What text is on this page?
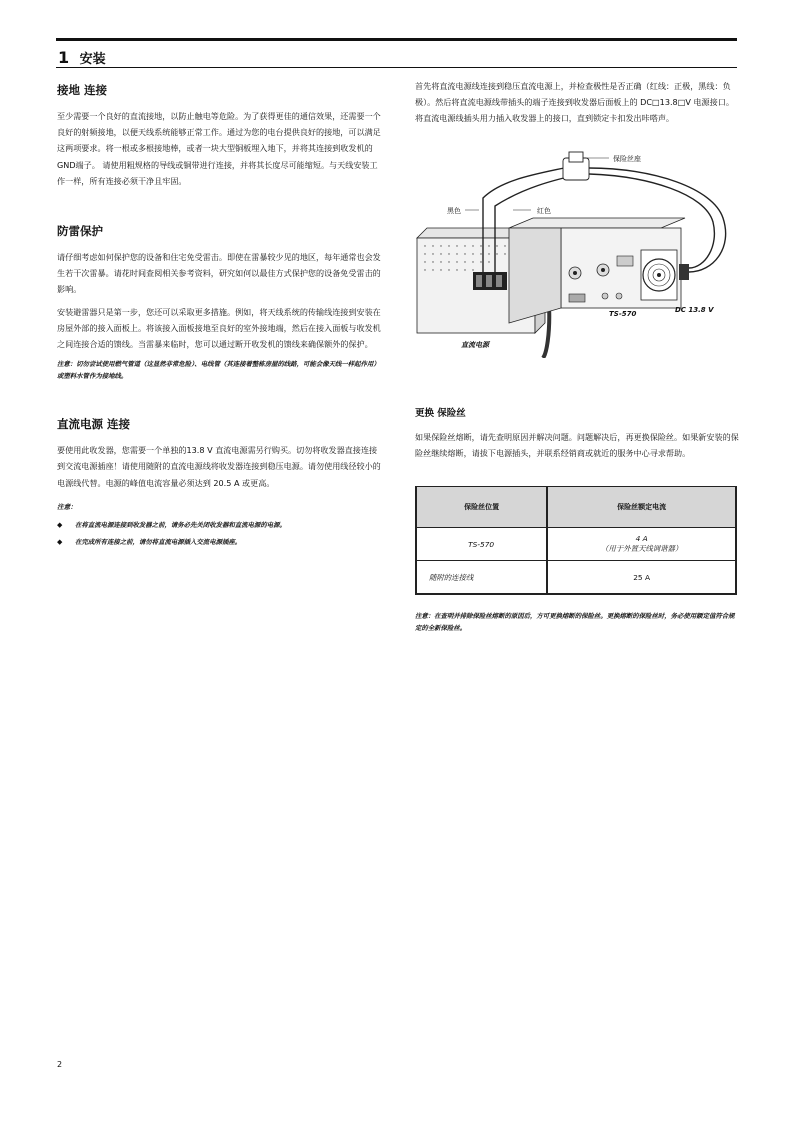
1 安装
接地 连接

至少需要一个良好的直流接地，以防止触电等危险。为了获得更佳的通信效果，还需要一个良好的射频接地，以便天线系统能够正常工作。通过为您的电台提供良好的接地，可以满足这两项要求。将一根或多根接地棒，或者一块大型铜板埋入地下，并将其连接到收发机的GND端子。 请使用粗规格的导线或铜带进行连接，并将其长度尽可能缩短。与天线安装工作一样，所有连接必须干净且牢固。

防雷保护

请仔细考虑如何保护您的设备和住宅免受雷击。即使在雷暴较少见的地区，每年通常也会发生若干次雷暴。请花时间查阅相关参考资料，研究如何以最佳方式保护您的设备免受雷击的影响。

安装避雷器只是第一步，您还可以采取更多措施。例如，将天线系统的传输线连接到安装在房屋外部的接入面板上。将该接入面板接地至良好的室外接地端，然后在接入面板与收发机之间连接合适的馈线。当雷暴来临时，您可以通过断开收发机的馈线来确保额外的保护。

注意：切勿尝试使用燃气管道（这显然非常危险）、电线管（其连接着整栋房屋的线路，可能会像天线一样起作用）或塑料水管作为接地线。

直流电源 连接

要使用此收发器，您需要一个单独的13.8 V 直流电源需另行购买。切勿将收发器直接连接到交流电源插座！请使用随附的直流电源线将收发器连接到稳压电源。请勿使用线径较小的电源线代替。电源的峰值电流容量必须达到 20.5 A 或更高。

注意：
◆ 在将直流电源连接到收发器之前，请务必先关闭收发器和直流电源的电源。
◆ 在完成所有连接之前，请勿将直流电源插入交流电源插座。

首先将直流电源线连接到稳压直流电源上，并检查极性是否正确（红线：正极，黑线：负极）。然后将直流电源线带插头的端子连接到收发器后面板上的 DC□13.8□V 电源接口。将直流电源线插头用力插入收发器上的接口，直到锁定卡扣发出咔嗒声。

保险丝座
黑色	红色
TS-570	DC 13.8 V
直流电源
更换 保险丝

如果保险丝熔断，请先查明原因并解决问题。问题解决后，再更换保险丝。如果新安装的保险丝继续熔断，请拔下电源插头，并联系经销商或就近的服务中心寻求帮助。

保险丝位置	保险丝额定电流
TS-570	4 A
（用于外置天线调谐器）

随附的连接线	25 A

注意：在查明并排除保险丝熔断的原因后，方可更换熔断的保险丝。更换熔断的保险丝时，务必使用额定值符合规定的全新保险丝。

2
